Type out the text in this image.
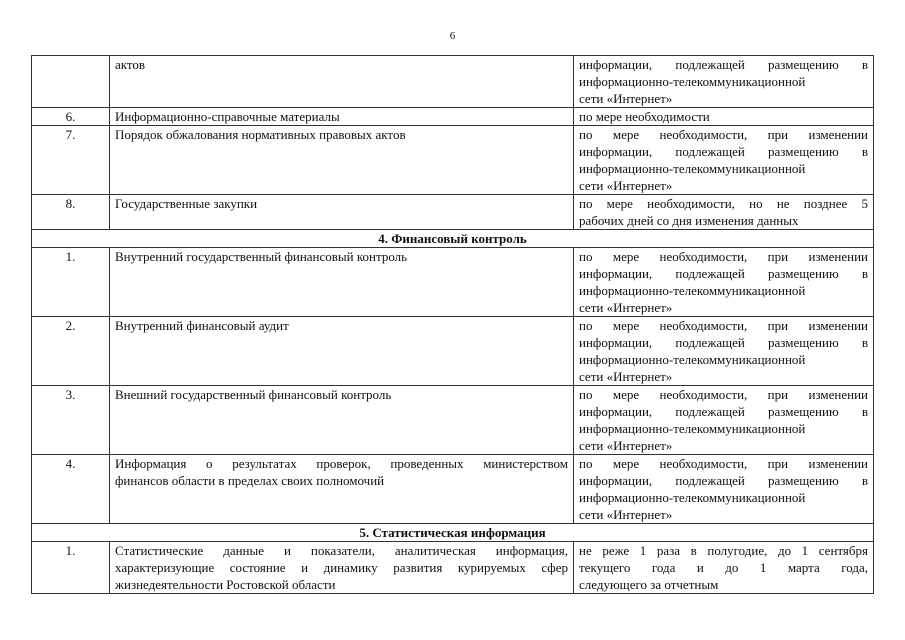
6
	актов	информации, подлежащей размещению в
информационно-телекоммуникационной
сети «Интернет»

6.	Информационно-справочные материалы	по мере необходимости

7.	Порядок обжалования нормативных правовых актов	по мере необходимости, при изменении
информации, подлежащей размещению в
информационно-телекоммуникационной
сети «Интернет»

8.	Государственные закупки	по мере необходимости, но не позднее 5
рабочих дней со дня изменения данных

4. Финансовый контроль		
1.	Внутренний государственный финансовый контроль	по мере необходимости, при изменении
информации, подлежащей размещению в
информационно-телекоммуникационной
сети «Интернет»

2.	Внутренний финансовый аудит	по мере необходимости, при изменении
информации, подлежащей размещению в
информационно-телекоммуникационной
сети «Интернет»

3.	Внешний государственный финансовый контроль	по мере необходимости, при изменении
информации, подлежащей размещению в
информационно-телекоммуникационной
сети «Интернет»

4.	Информация о результатах проверок, проведенных министерством
финансов области в пределах своих полномочий	по мере необходимости, при изменении
информации, подлежащей размещению в
информационно-телекоммуникационной
сети «Интернет»

5. Статистическая информация		
1.	Статистические данные и показатели, аналитическая информация,
характеризующие состояние и динамику развития курируемых сфер
жизнедеятельности Ростовской области	не реже 1 раза в полугодие, до 1 сентября
текущего года и до 1 марта года,
следующего за отчетным
